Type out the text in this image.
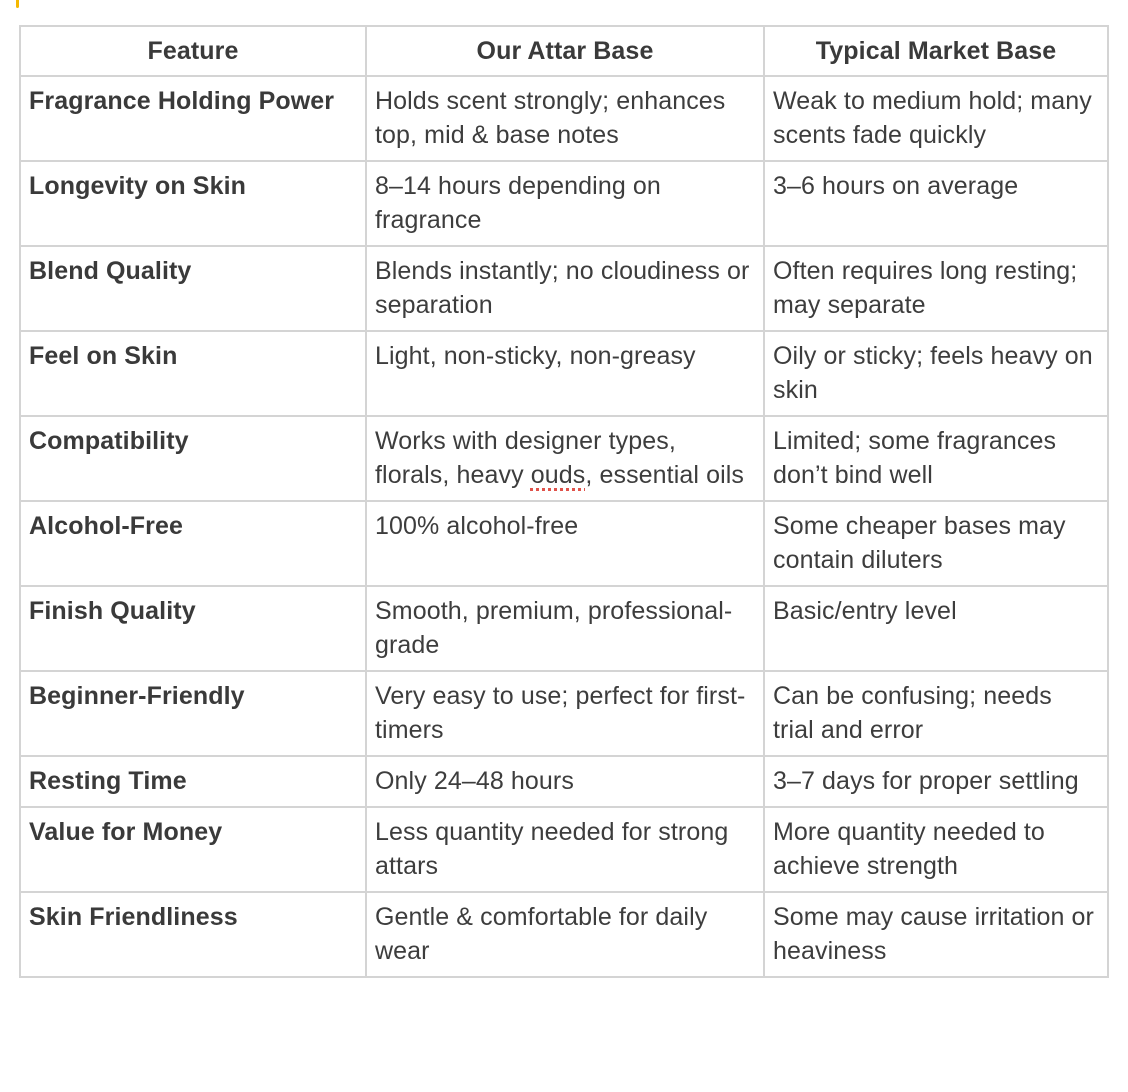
Feature	Our Attar Base	Typical Market Base
Fragrance Holding Power	Holds scent strongly; enhances top, mid & base notes	Weak to medium hold; many scents fade quickly
Longevity on Skin	8–14 hours depending on fragrance	3–6 hours on average
Blend Quality	Blends instantly; no cloudiness or separation	Often requires long resting; may separate
Feel on Skin	Light, non-sticky, non-greasy	Oily or sticky; feels heavy on skin
Compatibility	Works with designer types, florals, heavy ouds, essential oils	Limited; some fragrances don’t bind well
Alcohol-Free	100% alcohol-free	Some cheaper bases may contain diluters
Finish Quality	Smooth, premium, professional-grade	Basic/entry level
Beginner-Friendly	Very easy to use; perfect for first-timers	Can be confusing; needs trial and error
Resting Time	Only 24–48 hours	3–7 days for proper settling
Value for Money	Less quantity needed for strong attars	More quantity needed to achieve strength
Skin Friendliness	Gentle & comfortable for daily wear	Some may cause irritation or heaviness
